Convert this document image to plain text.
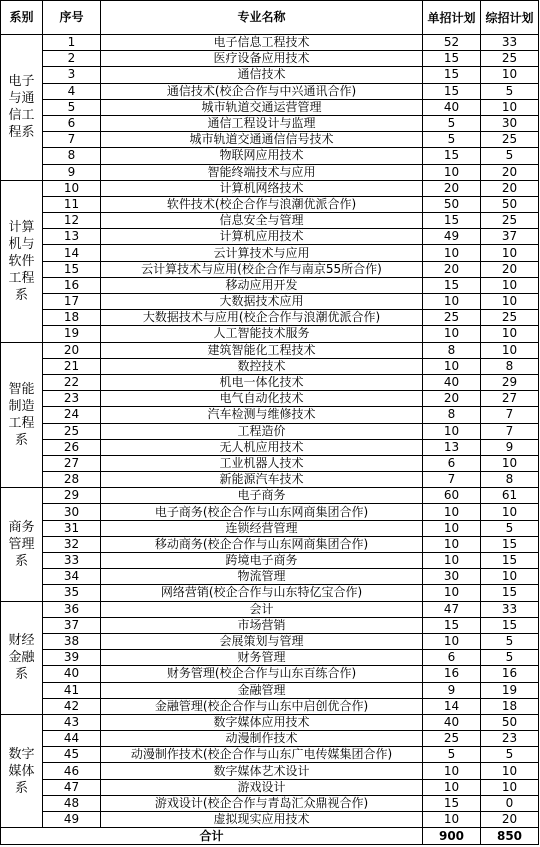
系别	序号	专业名称	单招计划	综招计划
电子与通信工程系	1	电子信息工程技术	52	33
	2	医疗设备应用技术	15	25
	3	通信技术	15	10
	4	通信技术(校企合作与中兴通讯合作)	15	5
	5	城市轨道交通运营管理	40	10
	6	通信工程设计与监理	5	30
	7	城市轨道交通通信信号技术	5	25
	8	物联网应用技术	15	5
	9	智能终端技术与应用	10	20
计算机与软件工程系	10	计算机网络技术	20	20
	11	软件技术(校企合作与浪潮优派合作)	50	50
	12	信息安全与管理	15	25
	13	计算机应用技术	49	37
	14	云计算技术与应用	10	10
	15	云计算技术与应用(校企合作与南京55所合作)	20	20
	16	移动应用开发	15	10
	17	大数据技术应用	10	10
	18	大数据技术与应用(校企合作与浪潮优派合作)	25	25
	19	人工智能技术服务	10	10
智能制造工程系	20	建筑智能化工程技术	8	10
	21	数控技术	10	8
	22	机电一体化技术	40	29
	23	电气自动化技术	20	27
	24	汽车检测与维修技术	8	7
	25	工程造价	10	7
	26	无人机应用技术	13	9
	27	工业机器人技术	6	10
	28	新能源汽车技术	7	8
商务管理系	29	电子商务	60	61
	30	电子商务(校企合作与山东网商集团合作)	10	10
	31	连锁经营管理	10	5
	32	移动商务(校企合作与山东网商集团合作)	10	15
	33	跨境电子商务	10	15
	34	物流管理	30	10
	35	网络营销(校企合作与山东特亿宝合作)	10	15
财经金融系	36	会计	47	33
	37	市场营销	15	15
	38	会展策划与管理	10	5
	39	财务管理	6	5
	40	财务管理(校企合作与山东百练合作)	16	16
	41	金融管理	9	19
	42	金融管理(校企合作与山东中启创优合作)	14	18
数字媒体系	43	数字媒体应用技术	40	50
	44	动漫制作技术	25	23
	45	动漫制作技术(校企合作与山东广电传媒集团合作)	5	5
	46	数字媒体艺术设计	10	10
	47	游戏设计	10	10
	48	游戏设计(校企合作与青岛汇众鼎视合作)	15	0
	49	虚拟现实应用技术	10	20
合计			900	850
